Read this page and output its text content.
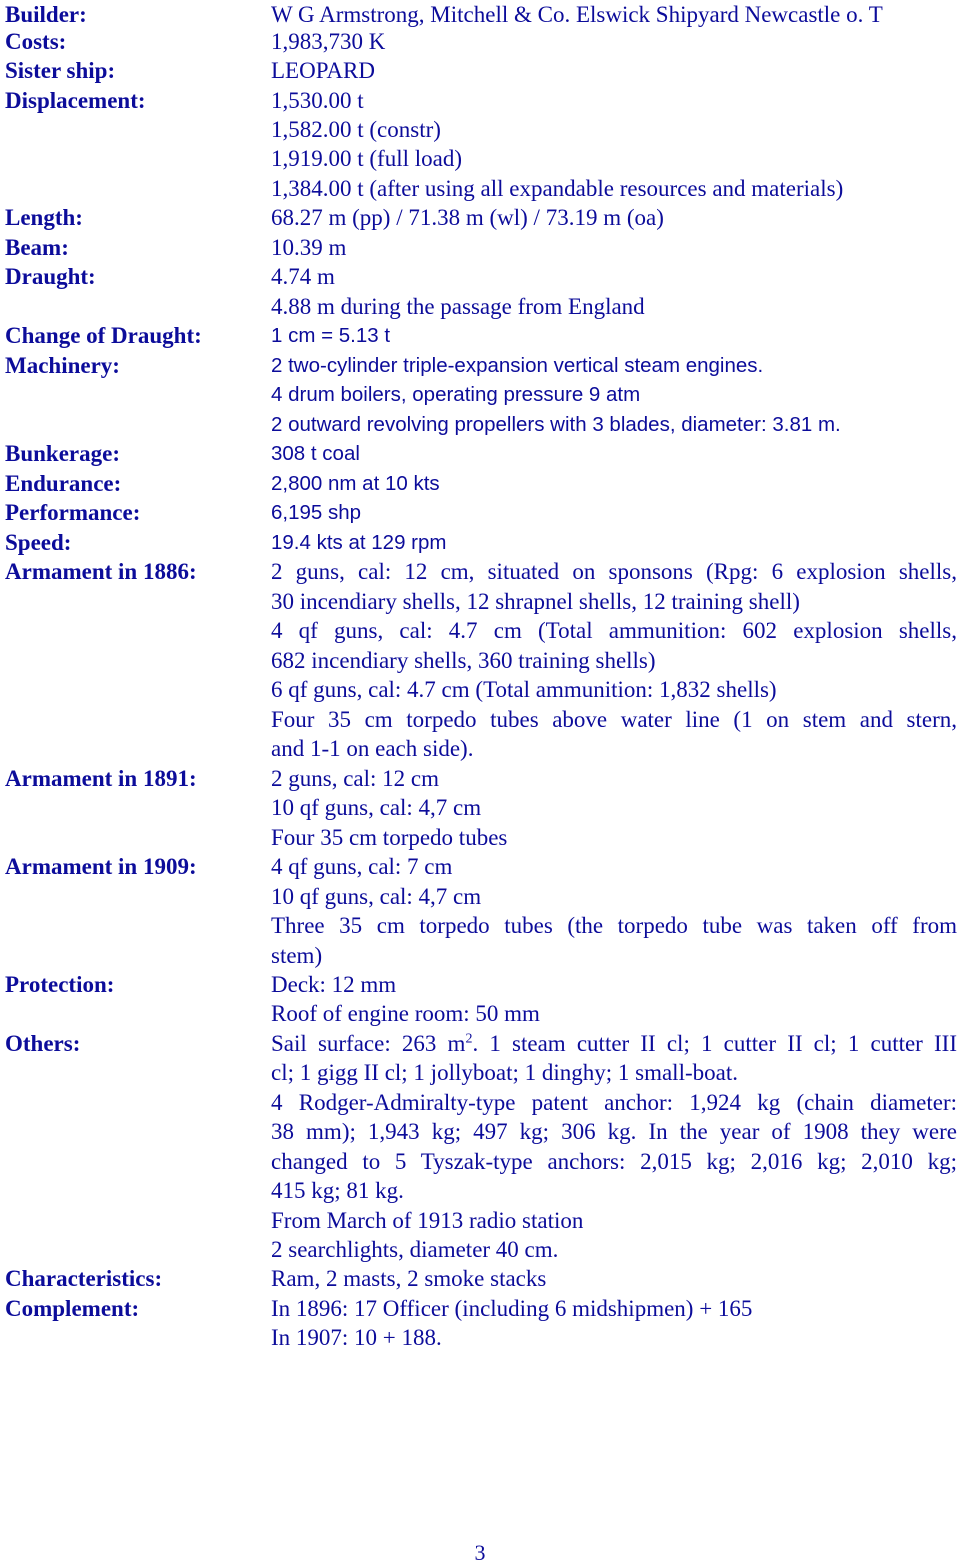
Builder:	W G Armstrong, Mitchell & Co. Elswick Shipyard Newcastle o. T
Costs:	1,983,730 K
Sister ship:	LEOPARD
Displacement:	1,530.00 t
1,582.00 t (constr)
1,919.00 t (full load)
1,384.00 t (after using all expandable resources and materials)
Length:	68.27 m (pp) / 71.38 m (wl) / 73.19 m (oa)
Beam:	10.39 m
Draught:	4.74 m
4.88 m during the passage from England
Change of Draught:	1 cm = 5.13 t
Machinery:	2 two-cylinder triple-expansion vertical steam engines.
4 drum boilers, operating pressure 9 atm
2 outward revolving propellers with 3 blades, diameter: 3.81 m.
Bunkerage:	308 t coal
Endurance:	2,800 nm at 10 kts
Performance:	6,195 shp
Speed:	19.4 kts at 129 rpm
Armament in 1886:	2 guns, cal: 12 cm, situated on sponsons (Rpg: 6 explosion shells,
30 incendiary shells, 12 shrapnel shells, 12 training shell)
4 qf guns, cal: 4.7 cm (Total ammunition: 602 explosion shells,
682 incendiary shells, 360 training shells)
6 qf guns, cal: 4.7 cm (Total ammunition: 1,832 shells)
Four 35 cm torpedo tubes above water line (1 on stem and stern,
and 1-1 on each side).
Armament in 1891:	2 guns, cal: 12 cm
10 qf guns, cal: 4,7 cm
Four 35 cm torpedo tubes
Armament in 1909:	4 qf guns, cal: 7 cm
10 qf guns, cal: 4,7 cm
Three 35 cm torpedo tubes (the torpedo tube was taken off from
stem)
Protection:	Deck: 12 mm
Roof of engine room: 50 mm
Others:	Sail surface: 263 $m^2$. 1 steam cutter II cl; 1 cutter II cl; 1 cutter III
cl; 1 gigg II cl; 1 jollyboat; 1 dinghy; 1 small-boat.
4 Rodger-Admiralty-type patent anchor: 1,924 kg (chain diameter:
38 mm); 1,943 kg; 497 kg; 306 kg. In the year of 1908 they were
changed to 5 Tyszak-type anchors: 2,015 kg; 2,016 kg; 2,010 kg;
415 kg; 81 kg.
From March of 1913 radio station
2 searchlights, diameter 40 cm.
Characteristics:	Ram, 2 masts, 2 smoke stacks
Complement:	In 1896: 17 Officer (including 6 midshipmen) + 165
In 1907: 10 + 188.
3
